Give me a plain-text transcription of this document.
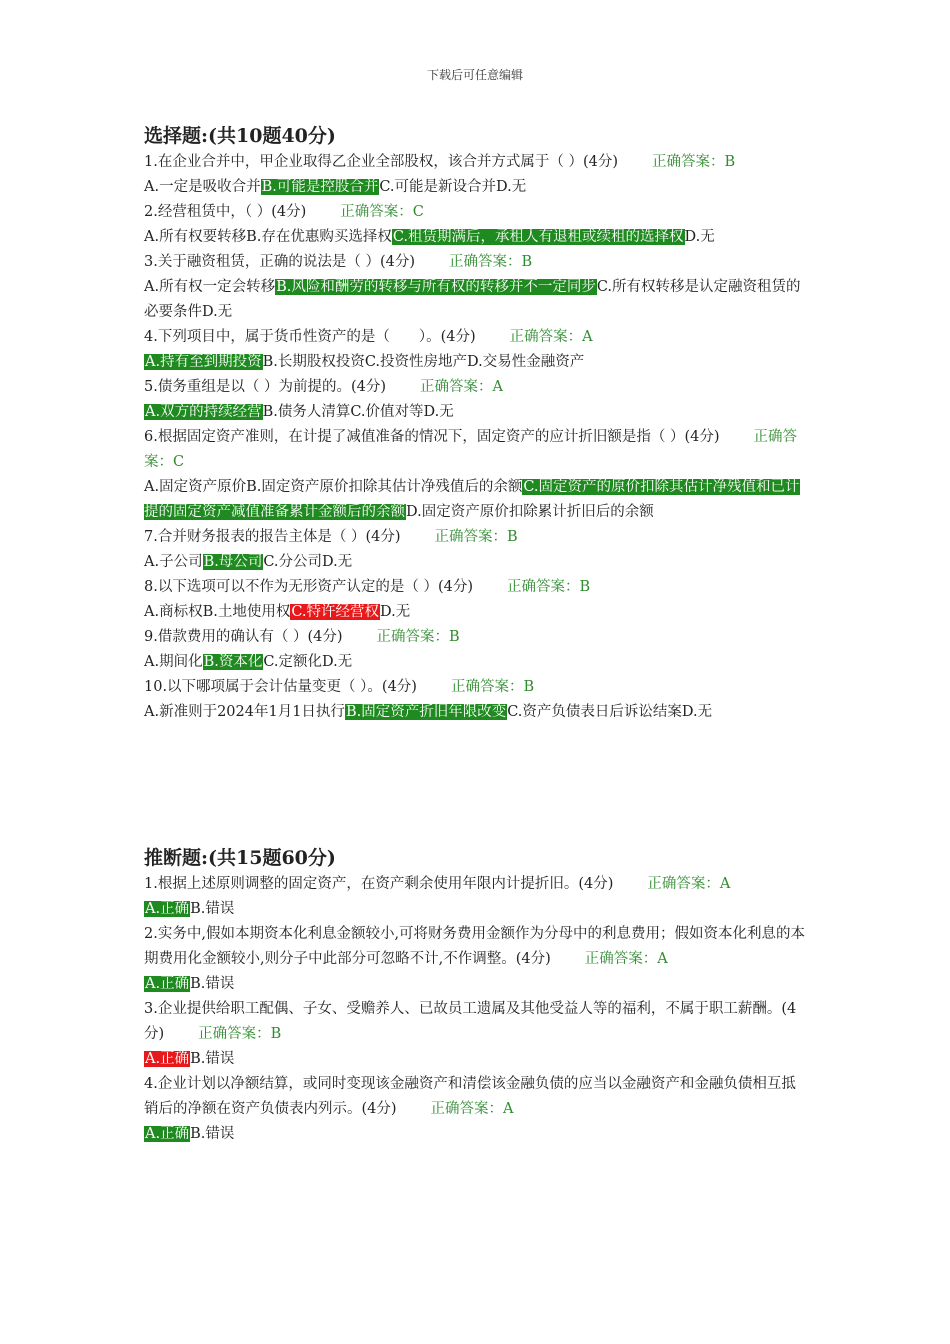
下载后可任意编辑
选择题:(共10题40分)

1.在企业合并中，甲企业取得乙企业全部股权，该合并方式属于（ ）(4分) 正确答案：B

A.一定是吸收合并B.可能是控股合并C.可能是新设合并D.无

2.经营租赁中，（ ）(4分) 正确答案：C

A.所有权要转移B.存在优惠购买选择权C.租赁期满后，承租人有退租或续租的选择权D.无

3.关于融资租赁，正确的说法是（ ）(4分) 正确答案：B

A.所有权一定会转移B.风险和酬劳的转移与所有权的转移并不一定同步C.所有权转移是认定融资租赁的必要条件D.无

4.下列项目中，属于货币性资产的是（　　）。(4分) 正确答案：A

A.持有至到期投资B.长期股权投资C.投资性房地产D.交易性金融资产

5.债务重组是以（ ）为前提的。(4分) 正确答案：A

A.双方的持续经营B.债务人清算C.价值对等D.无

6.根据固定资产准则，在计提了减值准备的情况下，固定资产的应计折旧额是指（ ）(4分) 正确答案：C

A.固定资产原价B.固定资产原价扣除其估计净残值后的余额C.固定资产的原价扣除其估计净残值和已计提的固定资产减值准备累计金额后的余额D.固定资产原价扣除累计折旧后的余额

7.合并财务报表的报告主体是（ ）(4分) 正确答案：B

A.子公司B.母公司C.分公司D.无

8.以下选项可以不作为无形资产认定的是（ ）(4分) 正确答案：B

A.商标权B.土地使用权C.特许经营权D.无

9.借款费用的确认有（ ）(4分) 正确答案：B

A.期间化B.资本化C.定额化D.无

10.以下哪项属于会计估量变更（ ）。(4分) 正确答案：B

A.新准则于2024年1月1日执行B.固定资产折旧年限改变C.资产负债表日后诉讼结案D.无

推断题:(共15题60分)

1.根据上述原则调整的固定资产，在资产剩余使用年限内计提折旧。(4分) 正确答案：A

A.正确B.错误

2.实务中,假如本期资本化利息金额较小,可将财务费用金额作为分母中的利息费用；假如资本化利息的本期费用化金额较小,则分子中此部分可忽略不计,不作调整。(4分) 正确答案：A

A.正确B.错误

3.企业提供给职工配偶、子女、受赡养人、已故员工遗属及其他受益人等的福利，不属于职工薪酬。(4分) 正确答案：B

A.正确B.错误

4.企业计划以净额结算，或同时变现该金融资产和清偿该金融负债的应当以金融资产和金融负债相互抵销后的净额在资产负债表内列示。(4分) 正确答案：A

A.正确B.错误
